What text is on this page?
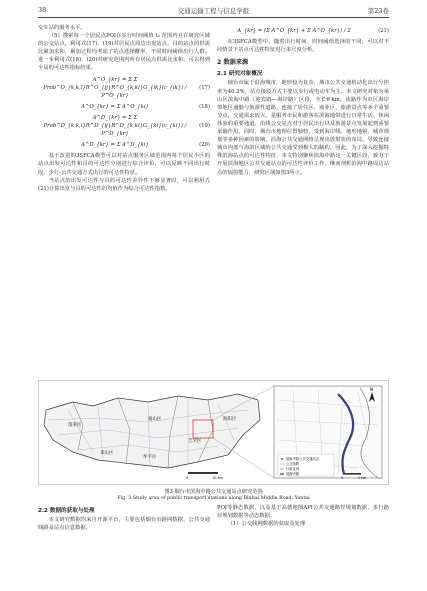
38	交通运输工程与信息学报	第23卷

交车站的服务水平。

（5）搜索每一个居民点POI在步行时间阈值 t₀ 范围内且在研究区域的公交站点，利用式(17)、(19)对居民点周边出发站点、目的站点的供需比累加求和，累加过程均考虑了站点选择概率，不同时间阈值出行人群。进一步利用式(18)、(20)对研究范围内所有居民点供需比求和，可以得到全局的可达性指标结果。

A^O_{kr} = Σ Σ Prob^O_{k,k,l}R^O_{ij}R^O_{k,kl}G_{ik}(c_{ik}) / P^O_{kr}
(17)
A^O_{kr} = Σ A^O_{ki}	(18)
A^D_{kr} = Σ Σ Prob^D_{k,k,l}R^D_{ij}R^D_{k,kl}G_{ki}(c_{ki}) / P^D_{kr}
(19)
A^D_{kr} = Σ A^D_{ki}	(20)

基于改进的3SFCA模型可以对站点服务区域范围内每个居民小区的站点出发可达性和目的可达性分别进行综合评价，可以反映不同出行时段，步行-公共交通方式出行的可达性特征。

当站点的出发可达性与目的可达性差异性不够显著时，可以利用式(21)计算出发与目的可达性的均值作为综合可达性指数。

A_{kr} = (Σ A^O_{kr} + Σ A^D_{kr}) / 2	(21)

在3SFCA模型中，随着出行时间、时间阈值选择的不同，可以对不同情景下站点可达性特征进行多尺度分析。

2 数据来源
2.1 研究对象概况

烟台市属于沿海城市，地形较为复杂，城市公共交通机动化出行分担率为40.3%，站点接驳方式主要以步行或电动车为主。本文研究对象为莱山区滨海中路（迎宾路—海岸路）区段，全长6 km，该路作为市区海岸带地区通勤与旅游性道路，连接了居住区、商业区、旅游景点等多个重要节点，交通需求较大，是服务市民和游客在滨海地带进行日常生活、休闲体验的重要通道，沿线公交站点对于居民出行以及旅游景点发展起到重要承载作用。同时，烟台市地理位置独特，受到海岸线、地形地貌、城市规划等多种因素的影响，沿海公共交通网络呈现出放射状的布局，导致连接城市内部与海滨区域的公共交通受到极大的制约。因此，为了深入挖掘特殊滨海站点的可达性特征，本文特别聚焦滨海中路这一关键区段，致力于开展滨海地区公共交通站点的可达性评价工作，继而剖析滨海中路周边站点的辐射能力，研究区域如图3所示。

莱山区
芝罘区
牟平区
福山区
蓬莱区
海阳区
0	10 km
N
滨海中路公共交通站点
公交线路
行政区划
滨海中路
0	1 km
图3 烟台市滨海中路公共交通站点研究范围
Fig. 3 Study area of public transport stations along Binhai Middle Road, Yantai
2.2 数据的获取与处理

本文研究数据均来自开源平台，主要包括烟台市路网数据、公共交通线路及站点信息数据、

POI等静态数据，以及基于高德地图API公共交通路径规划数据、步行路径规划数据等动态数据。

（1）公交线网数据的获取及处理
